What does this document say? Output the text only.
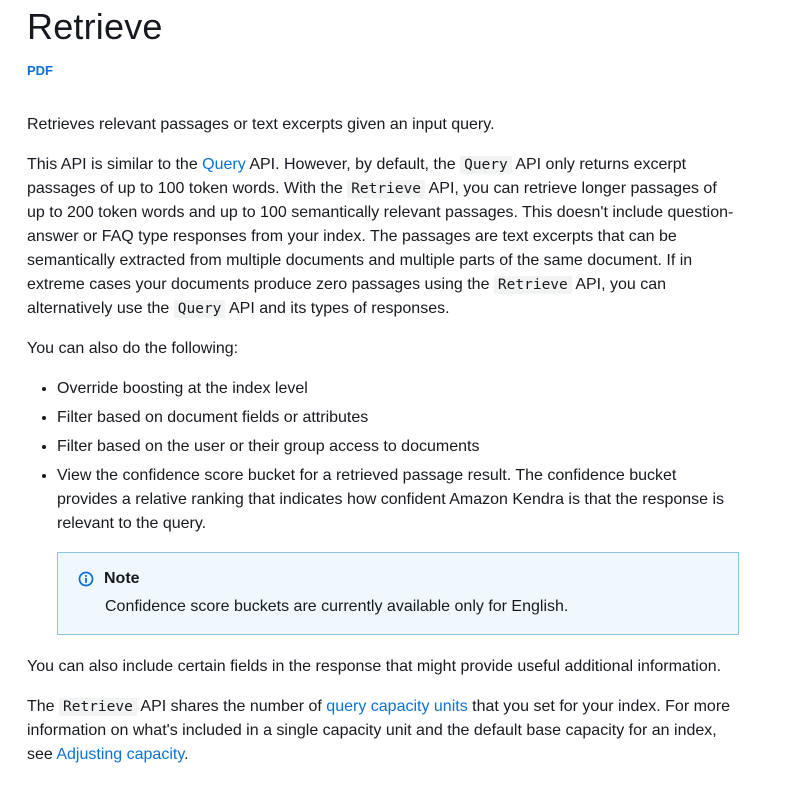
Retrieve
PDF

Retrieves relevant passages or text excerpts given an input query.

This API is similar to the Query API. However, by default, the Query API only returns excerpt passages of up to 100 token words. With the Retrieve API, you can retrieve longer passages of up to 200 token words and up to 100 semantically relevant passages. This doesn't include question-answer or FAQ type responses from your index. The passages are text excerpts that can be semantically extracted from multiple documents and multiple parts of the same document. If in extreme cases your documents produce zero passages using the Retrieve API, you can alternatively use the Query API and its types of responses.

You can also do the following:

• Override boosting at the index level
• Filter based on document fields or attributes
• Filter based on the user or their group access to documents
• View the confidence score bucket for a retrieved passage result. The confidence bucket provides a relative ranking that indicates how confident Amazon Kendra is that the response is relevant to the query.
Note
Confidence score buckets are currently available only for English.

You can also include certain fields in the response that might provide useful additional information.

The Retrieve API shares the number of query capacity units that you set for your index. For more information on what's included in a single capacity unit and the default base capacity for an index, see Adjusting capacity.
